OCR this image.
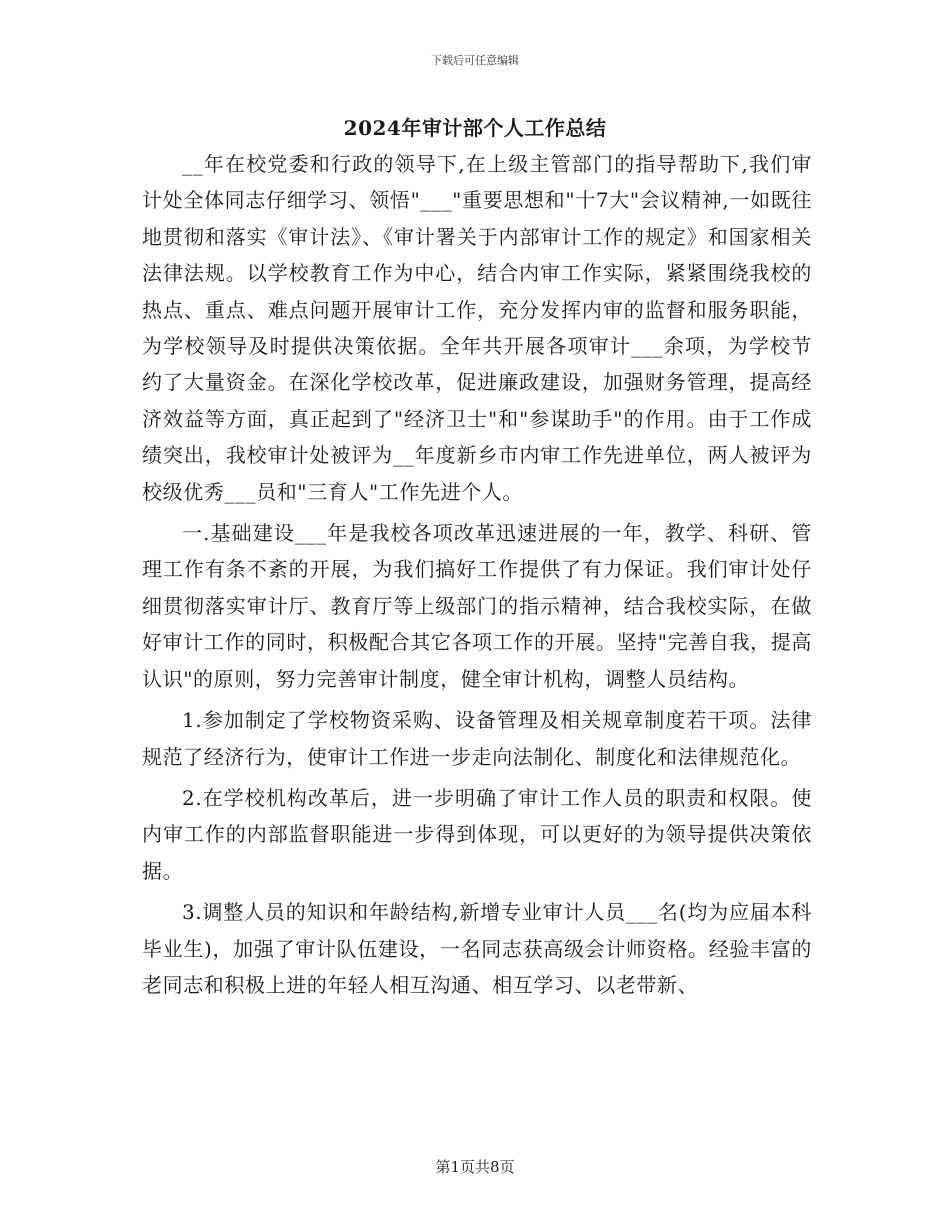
下载后可任意编辑
2024年审计部个人工作总结

__年在校党委和行政的领导下,在上级主管部门的指导帮助下,我们审计处全体同志仔细学习、领悟"___"重要思想和"十7大"会议精神,一如既往地贯彻和落实《审计法》、《审计署关于内部审计工作的规定》和国家相关法律法规。以学校教育工作为中心，结合内审工作实际，紧紧围绕我校的热点、重点、难点问题开展审计工作，充分发挥内审的监督和服务职能，为学校领导及时提供决策依据。全年共开展各项审计___余项，为学校节约了大量资金。在深化学校改革，促进廉政建设，加强财务管理，提高经济效益等方面，真正起到了"经济卫士"和"参谋助手"的作用。由于工作成绩突出，我校审计处被评为__年度新乡市内审工作先进单位，两人被评为校级优秀___员和"三育人"工作先进个人。

一.基础建设___年是我校各项改革迅速进展的一年，教学、科研、管理工作有条不紊的开展，为我们搞好工作提供了有力保证。我们审计处仔细贯彻落实审计厅、教育厅等上级部门的指示精神，结合我校实际，在做好审计工作的同时，积极配合其它各项工作的开展。坚持"完善自我，提高认识"的原则，努力完善审计制度，健全审计机构，调整人员结构。

1.参加制定了学校物资采购、设备管理及相关规章制度若干项。法律规范了经济行为，使审计工作进一步走向法制化、制度化和法律规范化。

2.在学校机构改革后，进一步明确了审计工作人员的职责和权限。使内审工作的内部监督职能进一步得到体现，可以更好的为领导提供决策依据。

3.调整人员的知识和年龄结构,新增专业审计人员___名(均为应届本科毕业生)，加强了审计队伍建设，一名同志获高级会计师资格。经验丰富的老同志和积极上进的年轻人相互沟通、相互学习、以老带新、

第1页共8页
